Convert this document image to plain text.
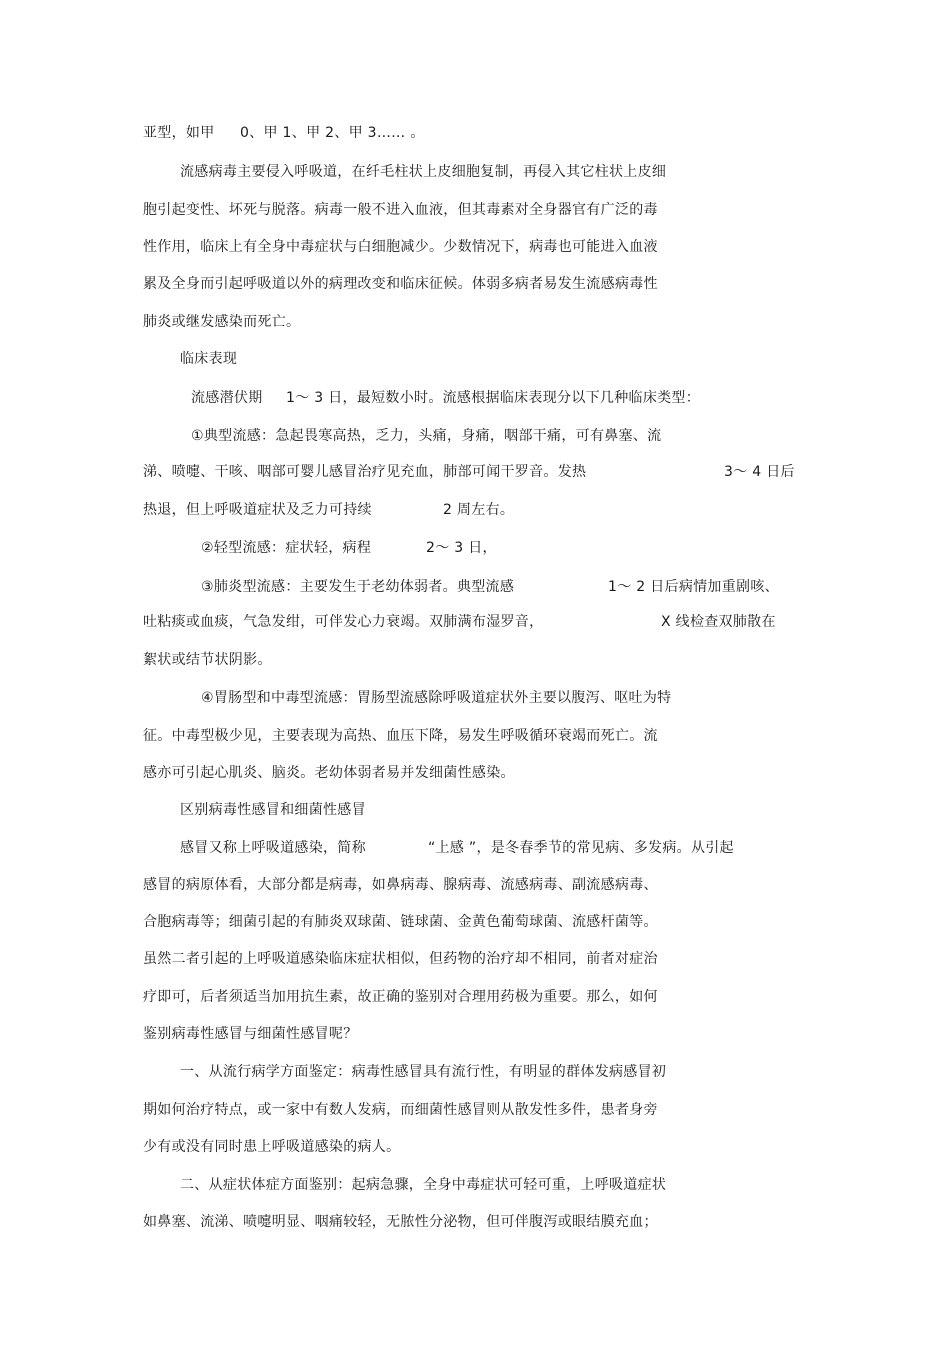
亚型，如甲 0、甲 1、甲 2、甲 3…… 。

流感病毒主要侵入呼吸道，在纤毛柱状上皮细胞复制，再侵入其它柱状上皮细

胞引起变性、坏死与脱落。病毒一般不进入血液，但其毒素对全身器官有广泛的毒

性作用，临床上有全身中毒症状与白细胞减少。少数情况下，病毒也可能进入血液

累及全身而引起呼吸道以外的病理改变和临床征候。体弱多病者易发生流感病毒性

肺炎或继发感染而死亡。

临床表现

流感潜伏期 1～ 3 日，最短数小时。流感根据临床表现分以下几种临床类型：

①典型流感：急起畏寒高热，乏力，头痛，身痛，咽部干痛，可有鼻塞、流

涕、喷嚏、干咳、咽部可婴儿感冒治疗见充血，肺部可闻干罗音。发热	3～ 4 日后

热退，但上呼吸道症状及乏力可持续	2 周左右。

②轻型流感：症状轻，病程	2～ 3 日，

③肺炎型流感：主要发生于老幼体弱者。典型流感	1～ 2 日后病情加重剧咳、

吐粘痰或血痰，气急发绀，可伴发心力衰竭。双肺满布湿罗音，	X 线检查双肺散在

絮状或结节状阴影。

④胃肠型和中毒型流感：胃肠型流感除呼吸道症状外主要以腹泻、呕吐为特

征。中毒型极少见，主要表现为高热、血压下降，易发生呼吸循环衰竭而死亡。流

感亦可引起心肌炎、脑炎。老幼体弱者易并发细菌性感染。

区别病毒性感冒和细菌性感冒

感冒又称上呼吸道感染，简称	“上感 ”，是冬春季节的常见病、多发病。从引起

感冒的病原体看，大部分都是病毒，如鼻病毒、腺病毒、流感病毒、副流感病毒、

合胞病毒等；细菌引起的有肺炎双球菌、链球菌、金黄色葡萄球菌、流感杆菌等。

虽然二者引起的上呼吸道感染临床症状相似，但药物的治疗却不相同，前者对症治

疗即可，后者须适当加用抗生素，故正确的鉴别对合理用药极为重要。那么，如何

鉴别病毒性感冒与细菌性感冒呢？

一、从流行病学方面鉴定：病毒性感冒具有流行性，有明显的群体发病感冒初

期如何治疗特点，或一家中有数人发病，而细菌性感冒则从散发性多件，患者身旁

少有或没有同时患上呼吸道感染的病人。

二、从症状体症方面鉴别：起病急骤，全身中毒症状可轻可重，上呼吸道症状

如鼻塞、流涕、喷嚏明显、咽痛较轻，无脓性分泌物，但可伴腹泻或眼结膜充血；
